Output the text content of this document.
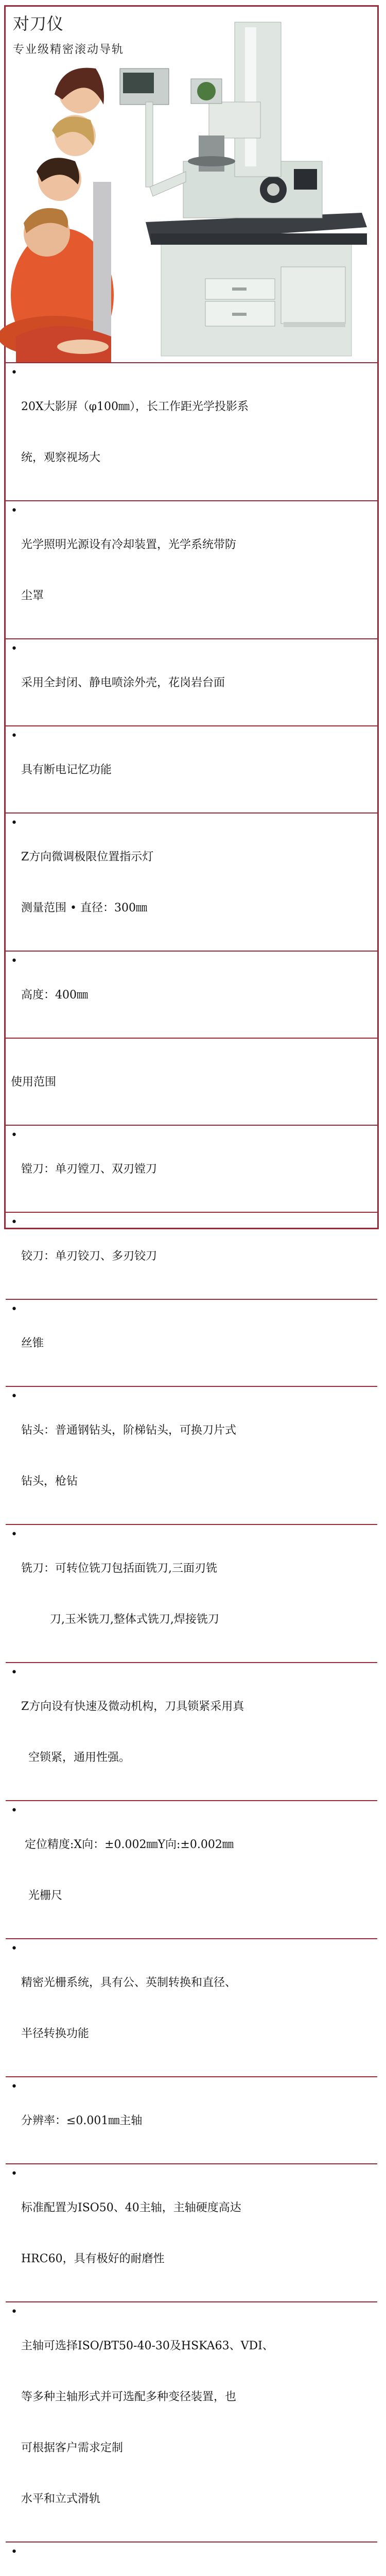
对刀仪
专业级精密滚动导轨

• 20X大影屏（φ100㎜），长工作距光学投影系

统，观察视场大

• 光学照明光源设有冷却装置，光学系统带防

尘罩

• 采用全封闭、静电喷涂外壳，花岗岩台面

• 具有断电记忆功能

• Z方向微调极限位置指示灯

测量范围 • 直径：300㎜

• 高度：400㎜

使用范围

• 镗刀：单刃镗刀、双刃镗刀

• 铰刀：单刃铰刀、多刃铰刀

• 丝锥

• 钻头：普通钢钻头，阶梯钻头，可换刀片式

钻头，枪钻

• 铣刀：可转位铣刀包括面铣刀,三面刃铣

刀,玉米铣刀,整体式铣刀,焊接铣刀

• Z方向设有快速及微动机构，刀具锁紧采用真

空锁紧，通用性强。

•  定位精度:X向：±0.002㎜Y向:±0.002㎜

光栅尺

• 精密光栅系统，具有公、英制转换和直径、

半径转换功能

• 分辨率：≤0.001㎜主轴

• 标准配置为ISO50、40主轴，主轴硬度高达

HRC60，具有极好的耐磨性

• 主轴可选择ISO/BT50-40-30及HSKA63、VDI、

等多种主轴形式并可选配多种变径装置，也

可根据客户需求定制

水平和立式滑轨

•
